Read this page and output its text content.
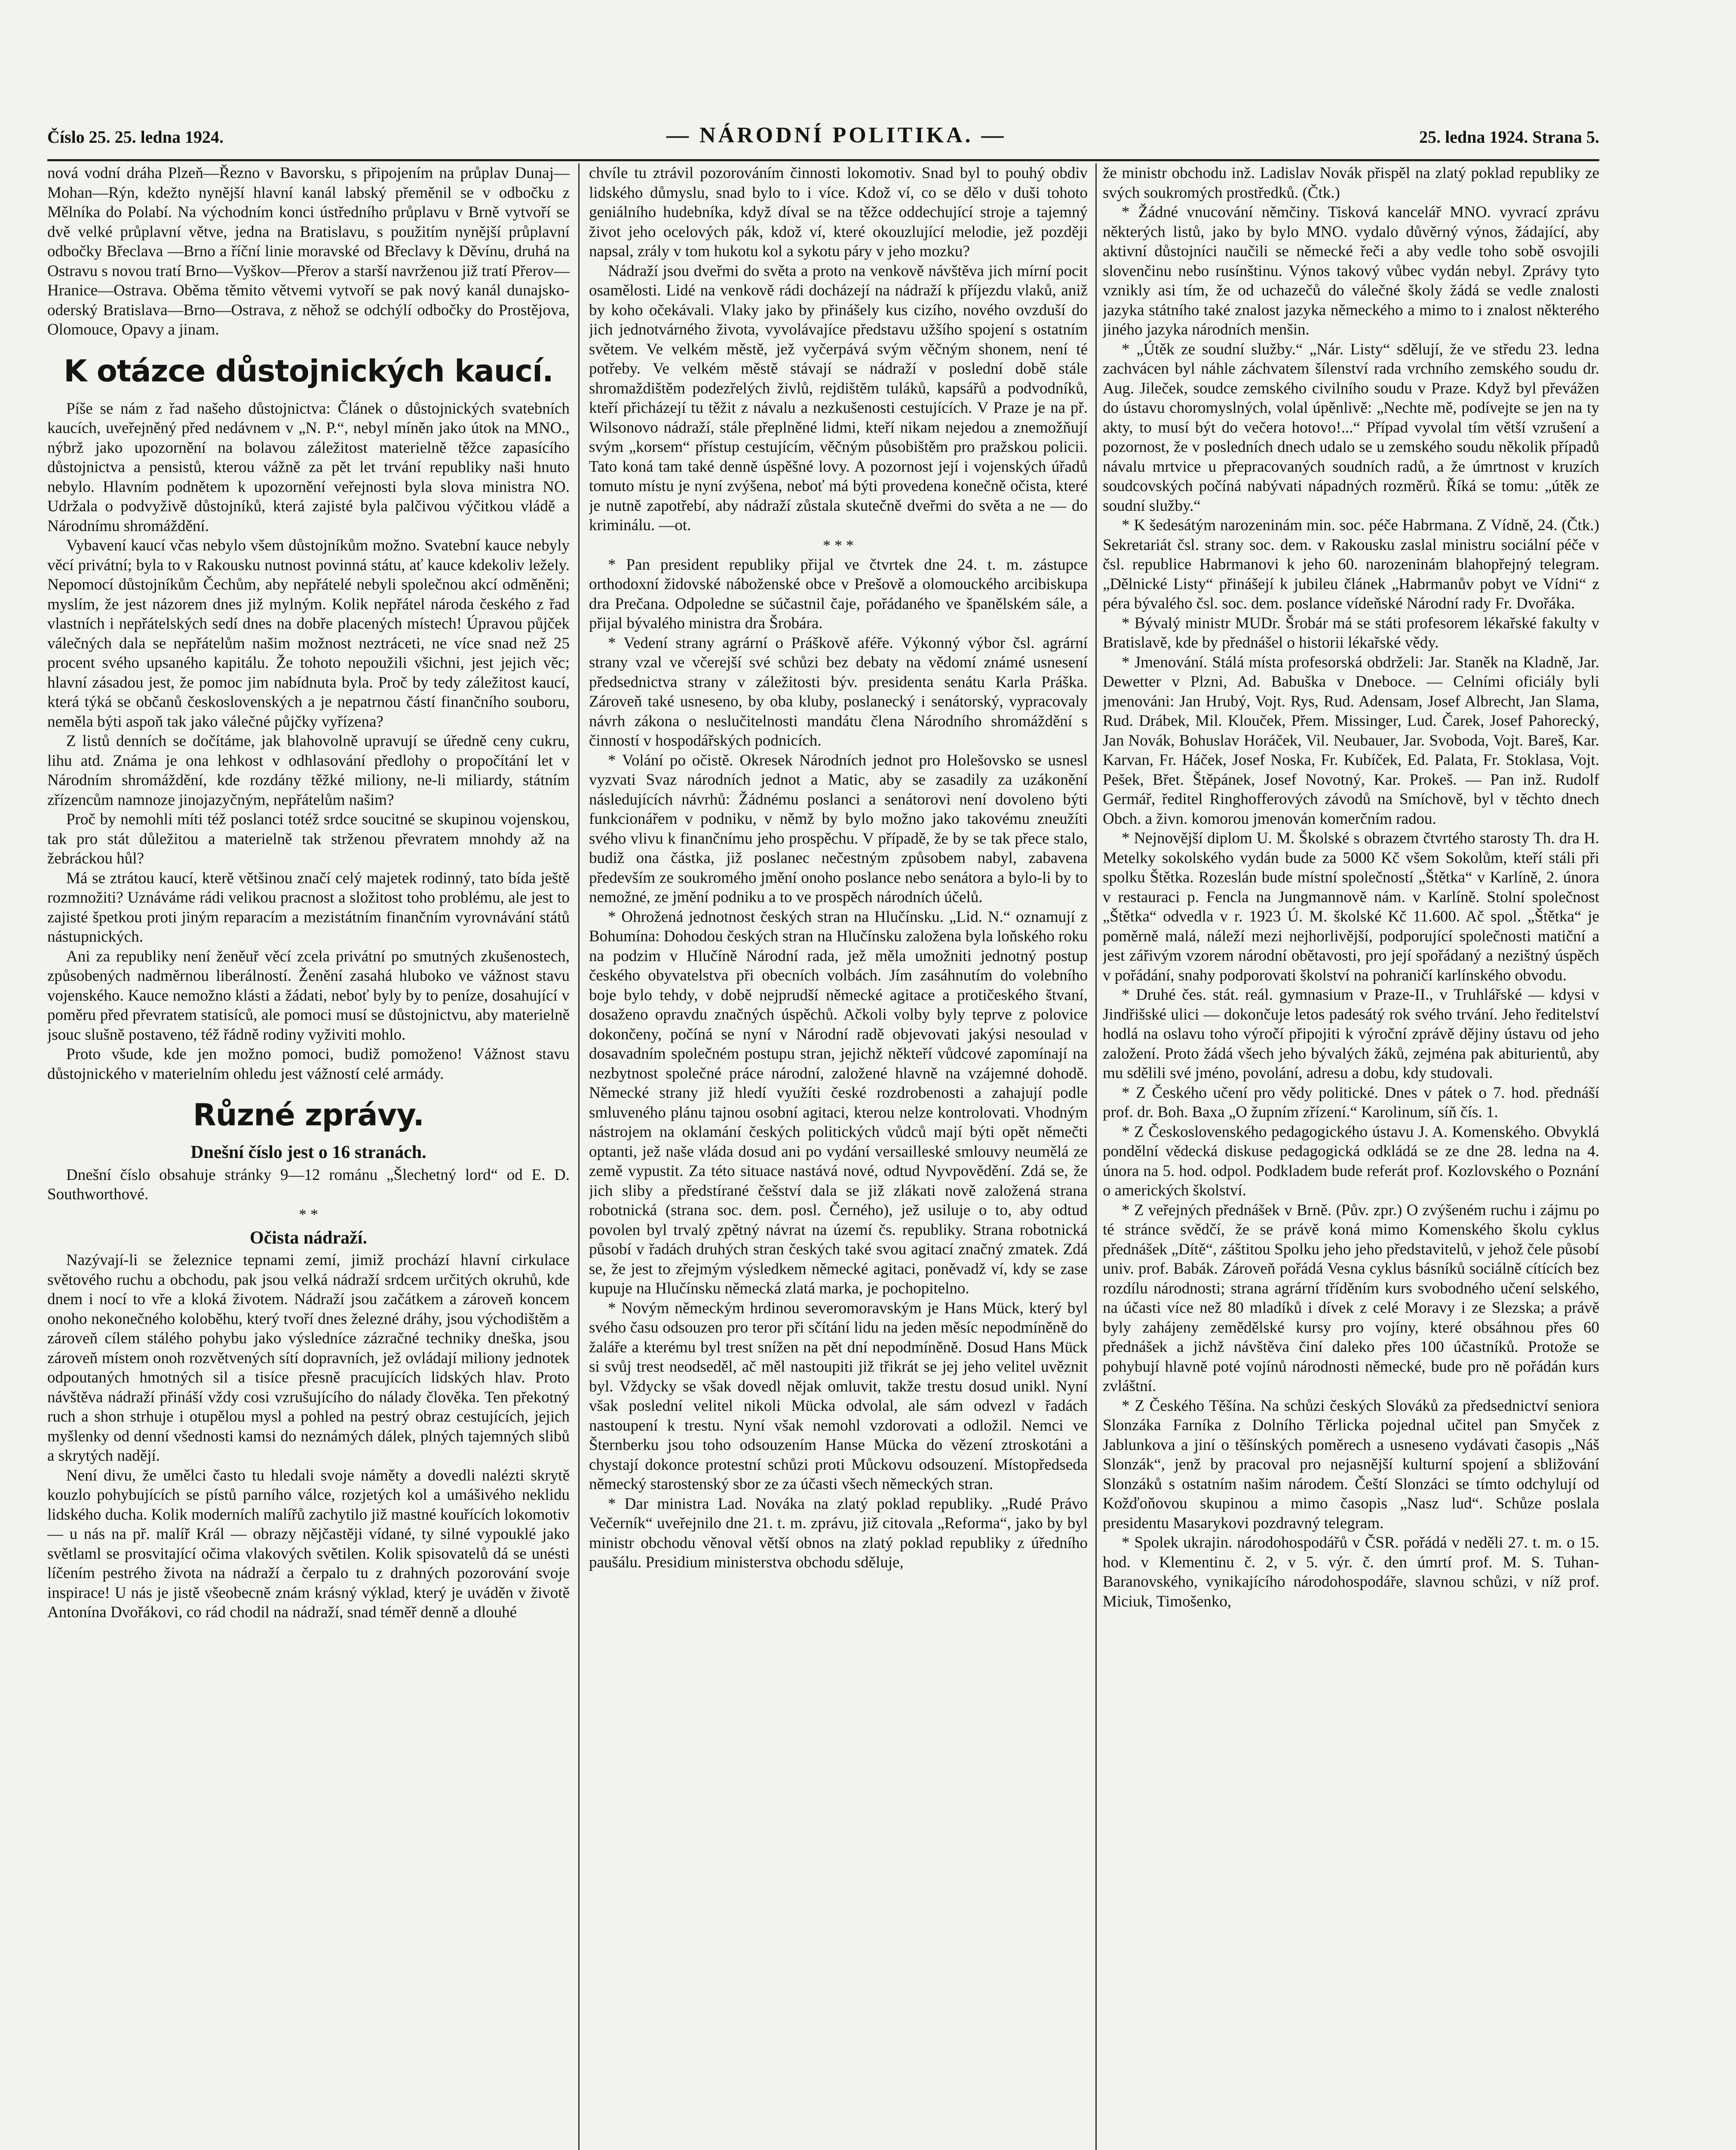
Číslo 25. 25. ledna 1924.	— NÁRODNÍ POLITIKA. —	25. ledna 1924. Strana 5.

nová vodní dráha Plzeň—Řezno v Bavorsku, s připojením na průplav Dunaj—Mohan—Rýn, kdežto nynější hlavní kanál labský přeměnil se v odbočku z Mělníka do Polabí. Na východním konci ústředního průplavu v Brně vytvoří se dvě velké průplavní větve, jedna na Bratislavu, s použitím nynější průplavní odbočky Břeclava —Brno a říční linie moravské od Břeclavy k Děvínu, druhá na Ostravu s novou tratí Brno—Vyškov—Přerov a starší navrženou již tratí Přerov—Hranice—Ostrava. Oběma těmito větvemi vytvoří se pak nový kanál dunajsko-oderský Bratislava—Brno—Ostrava, z něhož se odchýlí odbočky do Prostějova, Olomouce, Opavy a jinam.

K otázce důstojnických kaucí.

Píše se nám z řad našeho důstojnictva: Článek o důstojnických svatebních kaucích, uveřejněný před nedávnem v „N. P.“, nebyl míněn jako útok na MNO., nýbrž jako upozornění na bolavou záležitost materielně těžce zapasícího důstojnictva a pensistů, kterou vážně za pět let trvání republiky naši hnuto nebylo. Hlavním podnětem k upozornění veřejnosti byla slova ministra NO. Udržala o podvyživě důstojníků, která zajisté byla palčivou výčitkou vládě a Národnímu shromáždění.

Vybavení kaucí včas nebylo všem důstojníkům možno. Svatební kauce nebyly věcí privátní; byla to v Rakousku nutnost povinná státu, ať kauce kdekoliv ležely. Nepomocí důstojníkům Čechům, aby nepřátelé nebyli společnou akcí odměněni; myslím, že jest názorem dnes již mylným. Kolik nepřátel národa českého z řad vlastních i nepřátelských sedí dnes na dobře placených místech! Úpravou půjček válečných dala se nepřátelům našim možnost neztráceti, ne více snad než 25 procent svého upsaného kapitálu. Že tohoto nepoužili všichni, jest jejich věc; hlavní zásadou jest, že pomoc jim nabídnuta byla. Proč by tedy záležitost kaucí, která týká se občanů československých a je nepatrnou částí finančního souboru, neměla býti aspoň tak jako válečné půjčky vyřízena?

Z listů denních se dočítáme, jak blahovolně upravují se úředně ceny cukru, lihu atd. Známa je ona lehkost v odhlasování předlohy o propočítání let v Národním shromáždění, kde rozdány těžké miliony, ne-li miliardy, státním zřízencům namnoze jinojazyčným, nepřátelům našim?

Proč by nemohli míti též poslanci totéž srdce soucitné se skupinou vojenskou, tak pro stát důležitou a materielně tak strženou převratem mnohdy až na žebráckou hůl?

Má se ztrátou kaucí, kterě většinou značí celý majetek rodinný, tato bída ještě rozmnožiti? Uznáváme rádi velikou pracnost a složitost toho problému, ale jest to zajisté špetkou proti jiným reparacím a mezistátním finančním vyrovnávání států nástupnických.

Ani za republiky není ženěuř věcí zcela privátní po smutných zkušenostech, způsobených nadměrnou liberálností. Ženění zasahá hluboko ve vážnost stavu vojenského. Kauce nemožno klásti a žádati, neboť byly by to peníze, dosahující v poměru před převratem statisíců, ale pomoci musí se důstojnictvu, aby materielně jsouc slušně postaveno, též řádně rodiny vyživiti mohlo.

Proto všude, kde jen možno pomoci, budiž pomoženo! Vážnost stavu důstojnického v materielním ohledu jest vážností celé armády.

Různé zprávy.
Dnešní číslo jest o 16 stranách.

Dnešní číslo obsahuje stránky 9—12 románu „Šlechetný lord“ od E. D. Southworthové.

* *
Očista nádraží.

Nazývají-li se železnice tepnami zemí, jimiž prochází hlavní cirkulace světového ruchu a obchodu, pak jsou velká nádraží srdcem určitých okruhů, kde dnem i nocí to vře a kloká životem. Nádraží jsou začátkem a zároveň koncem onoho nekonečného koloběhu, který tvoří dnes železné dráhy, jsou východištěm a zároveň cílem stálého pohybu jako výsledníce zázračné techniky dneška, jsou zároveň místem onoh rozvětvených sítí dopravních, jež ovládají miliony jednotek odpoutaných hmotných sil a tisíce přesně pracujících lidských hlav. Proto návštěva nádraží přináší vždy cosi vzrušujícího do nálady člověka. Ten překotný ruch a shon strhuje i otupělou mysl a pohled na pestrý obraz cestujících, jejich myšlenky od denní všednosti kamsi do neznámých dálek, plných tajemných slibů a skrytých nadějí.

Není divu, že umělci často tu hledali svoje náměty a dovedli nalézti skrytě kouzlo pohybujících se pístů parního válce, rozjetých kol a umášivého neklidu lidského ducha. Kolik moderních malířů zachytilo již mastné kouřících lokomotiv — u nás na př. malíř Král — obrazy nějčastěji vídané, ty silné vypouklé jako světlaml se prosvitající očima vlakových světilen. Kolik spisovatelů dá se unésti líčením pestrého života na nádraží a čerpalo tu z drahných pozorování svoje inspirace! U nás je jistě všeobecně znám krásný výklad, který je uváděn v životě Antonína Dvořákovi, co rád chodil na nádraží, snad téměř denně a dlouhé

chvíle tu ztrávil pozorováním činnosti lokomotiv. Snad byl to pouhý obdiv lidského důmyslu, snad bylo to i více. Kdož ví, co se dělo v duši tohoto geniálního hudebníka, když díval se na těžce oddechující stroje a tajemný život jeho ocelových pák, kdož ví, které okouzlující melodie, jež později napsal, zrály v tom hukotu kol a sykotu páry v jeho mozku?

Nádraží jsou dveřmi do světa a proto na venkově návštěva jich mírní pocit osamělosti. Lidé na venkově rádi docházejí na nádraží k příjezdu vlaků, aniž by koho očekávali. Vlaky jako by přinášely kus cizího, nového ovzduší do jich jednotvárného života, vyvolávajíce představu užšího spojení s ostatním světem. Ve velkém městě, jež vyčerpává svým věčným shonem, není té potřeby. Ve velkém městě stávají se nádraží v poslední době stále shromaždištěm podezřelých živlů, rejdištěm tuláků, kapsářů a podvodníků, kteří přicházejí tu těžit z návalu a nezkušenosti cestujících. V Praze je na př. Wilsonovo nádraží, stále přeplněné lidmi, kteří nikam nejedou a znemožňují svým „korsem“ přístup cestujícím, věčným působištěm pro pražskou policii. Tato koná tam také denně úspěšné lovy. A pozornost její i vojenských úřadů tomuto místu je nyní zvýšena, neboť má býti provedena konečně očista, které je nutně zapotřebí, aby nádraží zůstala skutečně dveřmi do světa a ne — do kriminálu. —ot.

* * *

* Pan president republiky přijal ve čtvrtek dne 24. t. m. zástupce orthodoxní židovské náboženské obce v Prešově a olomouckého arcibiskupa dra Prečana. Odpoledne se súčastnil čaje, pořádaného ve španělském sále, a přijal bývalého ministra dra Šrobára.

* Vedení strany agrární o Práškově aféře. Výkonný výbor čsl. agrární strany vzal ve včerejší své schůzi bez debaty na vědomí známé usnesení předsednictva strany v záležitosti býv. presidenta senátu Karla Práška. Zároveň také usneseno, by oba kluby, poslanecký i senátorský, vypracovaly návrh zákona o neslučitelnosti mandátu člena Národního shromáždění s činností v hospodářských podnicích.

* Volání po očistě. Okresek Národních jednot pro Holešovsko se usnesl vyzvati Svaz národních jednot a Matic, aby se zasadily za uzákonění následujících návrhů: Žádnému poslanci a senátorovi není dovoleno býti funkcionářem v podniku, v němž by bylo možno jako takovému zneužíti svého vlivu k finančnímu jeho prospěchu. V případě, že by se tak přece stalo, budiž ona částka, již poslanec nečestným způsobem nabyl, zabavena především ze soukromého jmění onoho poslance nebo senátora a bylo-li by to nemožné, ze jmění podniku a to ve prospěch národních účelů.

* Ohrožená jednotnost českých stran na Hlučínsku. „Lid. N.“ oznamují z Bohumína: Dohodou českých stran na Hlučínsku založena byla loňského roku na podzim v Hlučíně Národní rada, jež měla umožniti jednotný postup českého obyvatelstva při obecních volbách. Jím zasáhnutím do volebního boje bylo tehdy, v době nejprudší německé agitace a protičeského štvaní, dosaženo opravdu značných úspěchů. Ačkoli volby byly teprve z polovice dokončeny, počíná se nyní v Národní radě objevovati jakýsi nesoulad v dosavadním společném postupu stran, jejichž někteří vůdcové zapomínají na nezbytnost společné práce národní, založené hlavně na vzájemné dohodě. Německé strany již hledí využíti české rozdrobenosti a zahajují podle smluveného plánu tajnou osobní agitaci, kterou nelze kontrolovati. Vhodným nástrojem na oklamání českých politických vůdců mají býti opět němečti optanti, jež naše vláda dosud ani po vydání versailleské smlouvy neumělá ze země vypustit. Za této situace nastává nové, odtud Nyvpovědění. Zdá se, že jich sliby a předstírané češství dala se již zlákati nově založená strana robotnická (strana soc. dem. posl. Černého), jež usiluje o to, aby odtud povolen byl trvalý zpětný návrat na území čs. republiky. Strana robotnická působí v řadách druhých stran českých také svou agitací značný zmatek. Zdá se, že jest to zřejmým výsledkem německé agitaci, poněvadž ví, kdy se zase kupuje na Hlučínsku německá zlatá marka, je pochopitelno.

* Novým německým hrdinou severomoravským je Hans Mück, který byl svého času odsouzen pro teror při sčítání lidu na jeden měsíc nepodmíněně do žaláře a kterému byl trest snížen na pět dní nepodmíněně. Dosud Hans Mück si svůj trest neodseděl, ač měl nastoupiti již třikrát se jej jeho velitel uvěznit byl. Vždycky se však dovedl nějak omluvit, takže trestu dosud unikl. Nyní však poslední velitel nikoli Mücka odvolal, ale sám odvezl v řadách nastoupení k trestu. Nyní však nemohl vzdorovati a odložil. Nemci ve Šternberku jsou toho odsouzením Hanse Mücka do vězení ztroskotáni a chystají dokonce protestní schůzi proti Můckovu odsouzení. Místopředseda německý starostenský sbor ze za účasti všech německých stran.

* Dar ministra Lad. Nováka na zlatý poklad republiky. „Rudé Právo Večerník“ uveřejnilo dne 21. t. m. zprávu, již citovala „Reforma“, jako by byl ministr obchodu věnoval větší obnos na zlatý poklad republiky z úředního paušálu. Presidium ministerstva obchodu sděluje,

že ministr obchodu inž. Ladislav Novák přispěl na zlatý poklad republiky ze svých soukromých prostředků. (Čtk.)

* Žádné vnucování němčiny. Tisková kancelář MNO. vyvrací zprávu některých listů, jako by bylo MNO. vydalo důvěrný výnos, žádající, aby aktivní důstojníci naučili se německé řeči a aby vedle toho sobě osvojili slovenčinu nebo rusínštinu. Výnos takový vůbec vydán nebyl. Zprávy tyto vznikly asi tím, že od uchazečů do válečné školy žádá se vedle znalosti jazyka státního také znalost jazyka německého a mimo to i znalost některého jiného jazyka národních menšin.

* „Útěk ze soudní služby.“ „Nár. Listy“ sdělují, že ve středu 23. ledna zachvácen byl náhle záchvatem šílenství rada vrchního zemského soudu dr. Aug. Jileček, soudce zemského civilního soudu v Praze. Když byl převážen do ústavu choromyslných, volal úpěnlivě: „Nechte mě, podívejte se jen na ty akty, to musí být do večera hotovo!...“ Případ vyvolal tím větší vzrušení a pozornost, že v posledních dnech udalo se u zemského soudu několik případů návalu mrtvice u přepracovaných soudních radů, a že úmrtnost v kruzích soudcovských počíná nabývati nápadných rozměrů. Říká se tomu: „útěk ze soudní služby.“

* K šedesátým narozeninám min. soc. péče Habrmana. Z Vídně, 24. (Čtk.) Sekretariát čsl. strany soc. dem. v Rakousku zaslal ministru sociální péče v čsl. republice Habrmanovi k jeho 60. narozeninám blahopřejný telegram. „Dělnické Listy“ přinášejí k jubileu článek „Habrmanův pobyt ve Vídni“ z péra bývalého čsl. soc. dem. poslance vídeňské Národní rady Fr. Dvořáka.

* Bývalý ministr MUDr. Šrobár má se státi profesorem lékařské fakulty v Bratislavě, kde by přednášel o historii lékařské vědy.

* Jmenování. Stálá místa profesorská obdrželi: Jar. Staněk na Kladně, Jar. Dewetter v Plzni, Ad. Babuška v Dneboce. — Celními oficiály byli jmenováni: Jan Hrubý, Vojt. Rys, Rud. Adensam, Josef Albrecht, Jan Slama, Rud. Drábek, Mil. Klouček, Přem. Missinger, Lud. Čarek, Josef Pahorecký, Jan Novák, Bohuslav Horáček, Vil. Neubauer, Jar. Svoboda, Vojt. Bareš, Kar. Karvan, Fr. Háček, Josef Noska, Fr. Kubíček, Ed. Palata, Fr. Stoklasa, Vojt. Pešek, Břet. Štěpánek, Josef Novotný, Kar. Prokeš. — Pan inž. Rudolf Germář, ředitel Ringhofferových závodů na Smíchově, byl v těchto dnech Obch. a živn. komorou jmenován komerčním radou.

* Nejnovější diplom U. M. Školské s obrazem čtvrtého starosty Th. dra H. Metelky sokolského vydán bude za 5000 Kč všem Sokolům, kteří stáli při spolku Štětka. Rozeslán bude místní společností „Štětka“ v Karlíně, 2. února v restauraci p. Fencla na Jungmannově nám. v Karlíně. Stolní společnost „Štětka“ odvedla v r. 1923 Ú. M. školské Kč 11.600. Ač spol. „Štětka“ je poměrně malá, náleží mezi nejhorlivější, podporující společnosti matiční a jest zářivým vzorem národní obětavosti, pro její spořádaný a nezištný úspěch v pořádání, snahy podporovati školství na pohraničí karlínského obvodu.

* Druhé čes. stát. reál. gymnasium v Praze-II., v Truhlářské — kdysi v Jindřišské ulici — dokončuje letos padesátý rok svého trvání. Jeho ředitelství hodlá na oslavu toho výročí připojiti k výroční zprávě dějiny ústavu od jeho založení. Proto žádá všech jeho bývalých žáků, zejména pak abiturientů, aby mu sdělili své jméno, povolání, adresu a dobu, kdy studovali.

* Z Českého učení pro vědy politické. Dnes v pátek o 7. hod. přednáší prof. dr. Boh. Baxa „O župním zřízení.“ Karolinum, síň čís. 1.

* Z Československého pedagogického ústavu J. A. Komenského. Obvyklá pondělní vědecká diskuse pedagogická odkládá se ze dne 28. ledna na 4. února na 5. hod. odpol. Podkladem bude referát prof. Kozlovského o Poznání o amerických školství.

* Z veřejných přednášek v Brně. (Pův. zpr.) O zvýšeném ruchu i zájmu po té stránce svědčí, že se právě koná mimo Komenského školu cyklus přednášek „Dítě“, záštitou Spolku jeho jeho představitelů, v jehož čele působí univ. prof. Babák. Zároveň pořádá Vesna cyklus básníků sociálně cítících bez rozdílu národnosti; strana agrární tříděním kurs svobodného učení selského, na účasti více než 80 mladíků i dívek z celé Moravy i ze Slezska; a právě byly zahájeny zemědělské kursy pro vojíny, které obsáhnou přes 60 přednášek a jichž návštěva činí daleko přes 100 účastníků. Protože se pohybují hlavně poté vojínů národnosti německé, bude pro ně pořádán kurs zvláštní.

* Z Českého Těšína. Na schůzi českých Slováků za předsednictví seniora Slonzáka Farníka z Dolního Těrlicka pojednal učitel pan Smyček z Jablunkova a jiní o těšínských poměrech a usneseno vydávati časopis „Náš Slonzák“, jenž by pracoval pro nejasnější kulturní spojení a sbližování Slonzáků s ostatním našim národem. Čeští Slonzáci se tímto odchylují od Kožďoňovou skupinou a mimo časopis „Nasz lud“. Schůze poslala presidentu Masarykovi pozdravný telegram.

* Spolek ukrajin. národohospodářů v ČSR. pořádá v neděli 27. t. m. o 15. hod. v Klementinu č. 2, v 5. výr. č. den úmrtí prof. M. S. Tuhan-Baranovského, vynikajícího národohospodáře, slavnou schůzi, v níž prof. Miciuk, Timošenko,
